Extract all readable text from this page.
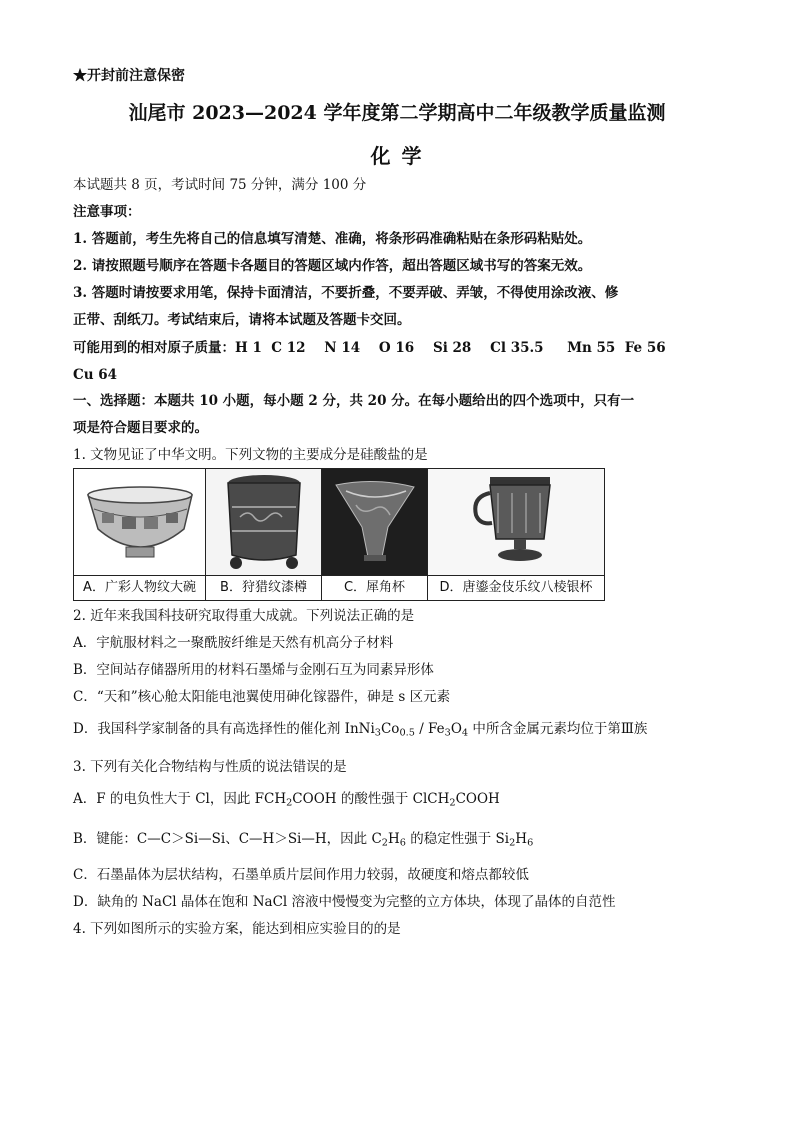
★开封前注意保密
汕尾市 2023—2024 学年度第二学期高中二年级教学质量监测
化 学
本试题共 8 页，考试时间 75 分钟，满分 100 分
注意事项：
1. 答题前，考生先将自己的信息填写清楚、准确，将条形码准确粘贴在条形码粘贴处。
2. 请按照题号顺序在答题卡各题目的答题区域内作答，超出答题区域书写的答案无效。
3. 答题时请按要求用笔，保持卡面清洁，不要折叠，不要弄破、弄皱，不得使用涂改液、修
正带、刮纸刀。考试结束后，请将本试题及答题卡交回。
可能用到的相对原子质量：H 1  C 12    N 14    O 16    Si 28    Cl 35.5     Mn 55  Fe 56
Cu 64
一、选择题：本题共 10 小题，每小题 2 分，共 20 分。在每小题给出的四个选项中，只有一
项是符合题目要求的。
1. 文物见证了中华文明。下列文物的主要成分是硅酸盐的是

A．广彩人物纹大碗	B．狩猎纹漆樽	C．犀角杯	D．唐鎏金伎乐纹八棱银杯
2. 近年来我国科技研究取得重大成就。下列说法正确的是
A．宇航服材料之一聚酰胺纤维是天然有机高分子材料
B．空间站存储器所用的材料石墨烯与金刚石互为同素异形体
C．“天和”核心舱太阳能电池翼使用砷化镓器件，砷是 s 区元素
D．我国科学家制备的具有高选择性的催化剂 $InNi_3Co_{0.5} / Fe_3O_4$ 中所含金属元素均位于第Ⅲ族
3. 下列有关化合物结构与性质的说法错误的是
A．F 的电负性大于 Cl，因此 $FCH_2COOH$ 的酸性强于 ClCH$_2$COOH
B．键能：C—C＞Si—Si、C—H＞Si—H，因此 $C_2H_6$ 的稳定性强于 $Si_2H_6$
C．石墨晶体为层状结构，石墨单质片层间作用力较弱，故硬度和熔点都较低
D．缺角的 NaCl 晶体在饱和 NaCl 溶液中慢慢变为完整的立方体块，体现了晶体的自范性
4. 下列如图所示的实验方案，能达到相应实验目的的是
